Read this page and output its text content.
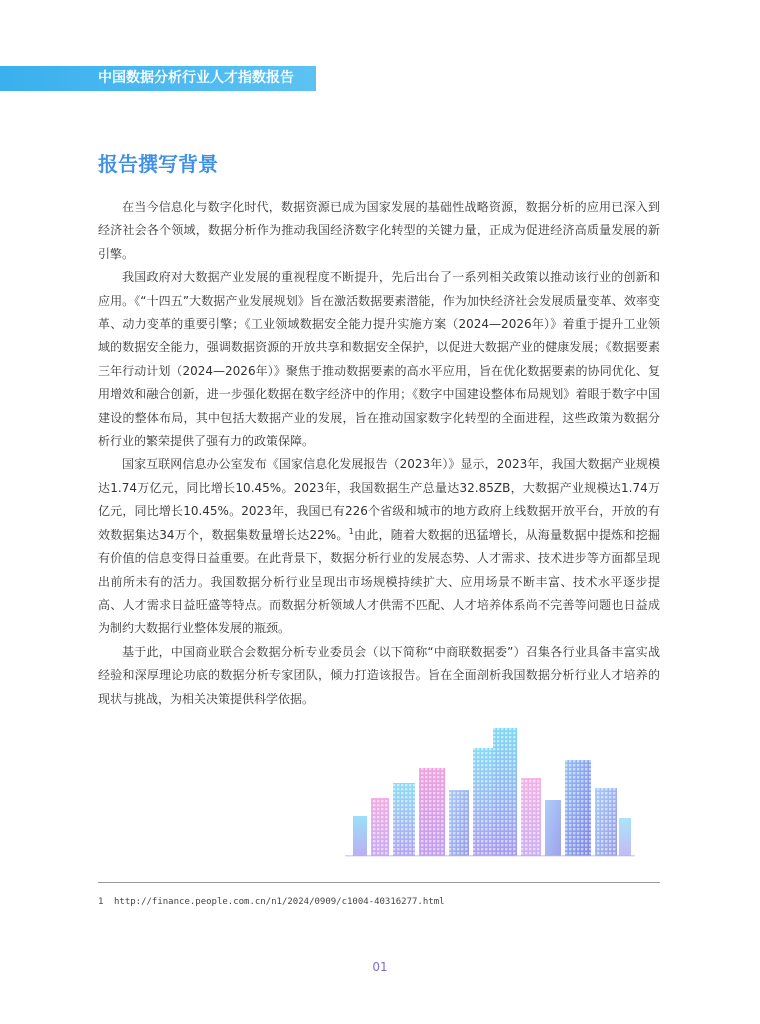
中国数据分析行业人才指数报告
报告撰写背景

在当今信息化与数字化时代，数据资源已成为国家发展的基础性战略资源，数据分析的应用已深入到经济社会各个领域，数据分析作为推动我国经济数字化转型的关键力量，正成为促进经济高质量发展的新引擎。

我国政府对大数据产业发展的重视程度不断提升，先后出台了一系列相关政策以推动该行业的创新和应用。《“十四五”大数据产业发展规划》旨在激活数据要素潜能，作为加快经济社会发展质量变革、效率变革、动力变革的重要引擎；《工业领域数据安全能力提升实施方案（2024—2026年）》着重于提升工业领域的数据安全能力，强调数据资源的开放共享和数据安全保护，以促进大数据产业的健康发展；《数据要素三年行动计划（2024—2026年）》聚焦于推动数据要素的高水平应用，旨在优化数据要素的协同优化、复用增效和融合创新，进一步强化数据在数字经济中的作用；《数字中国建设整体布局规划》着眼于数字中国建设的整体布局，其中包括大数据产业的发展，旨在推动国家数字化转型的全面进程，这些政策为数据分析行业的繁荣提供了强有力的政策保障。

国家互联网信息办公室发布《国家信息化发展报告（2023年）》显示，2023年，我国大数据产业规模达1.74万亿元，同比增长10.45%。2023年，我国数据生产总量达32.85ZB，大数据产业规模达1.74万亿元，同比增长10.45%。2023年，我国已有226个省级和城市的地方政府上线数据开放平台，开放的有效数据集达34万个，数据集数量增长达22%。$^1$由此，随着大数据的迅猛增长，从海量数据中提炼和挖掘有价值的信息变得日益重要。在此背景下，数据分析行业的发展态势、人才需求、技术进步等方面都呈现出前所未有的活力。我国数据分析行业呈现出市场规模持续扩大、应用场景不断丰富、技术水平逐步提高、人才需求日益旺盛等特点。而数据分析领域人才供需不匹配、人才培养体系尚不完善等问题也日益成为制约大数据行业整体发展的瓶颈。

基于此，中国商业联合会数据分析专业委员会（以下简称“中商联数据委”）召集各行业具备丰富实战经验和深厚理论功底的数据分析专家团队，倾力打造该报告。旨在全面剖析我国数据分析行业人才培养的现状与挑战，为相关决策提供科学依据。

1 http://finance.people.com.cn/n1/2024/0909/c1004-40316277.html
01
